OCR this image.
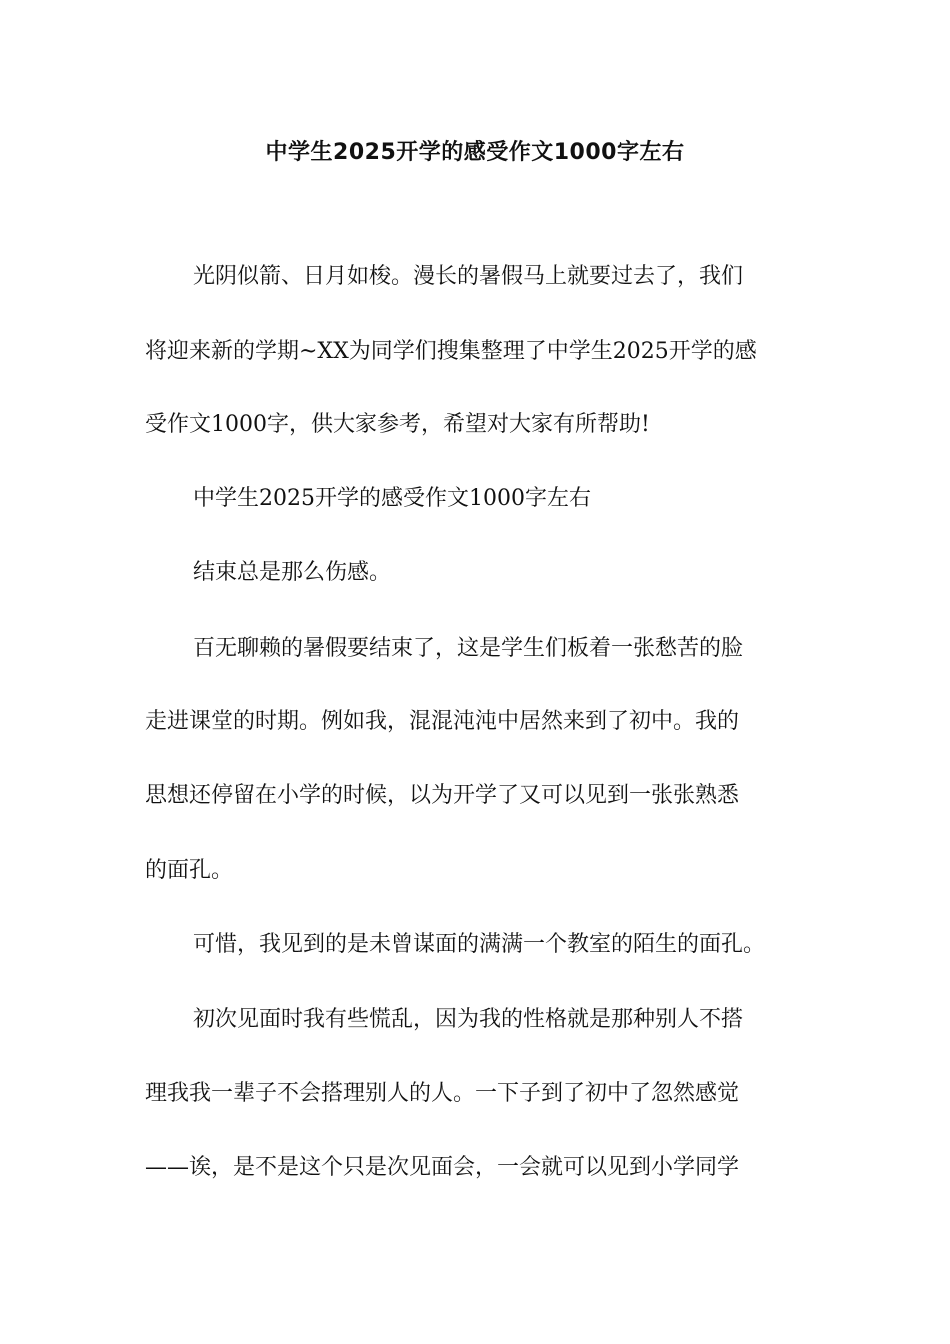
中学生2025开学的感受作文1000字左右
光阴似箭、日月如梭。漫长的暑假马上就要过去了，我们
将迎来新的学期~XX为同学们搜集整理了中学生2025开学的感
受作文1000字，供大家参考，希望对大家有所帮助!
中学生2025开学的感受作文1000字左右
结束总是那么伤感。
百无聊赖的暑假要结束了，这是学生们板着一张愁苦的脸
走进课堂的时期。例如我，混混沌沌中居然来到了初中。我的
思想还停留在小学的时候，以为开学了又可以见到一张张熟悉
的面孔。
可惜，我见到的是未曾谋面的满满一个教室的陌生的面孔。
初次见面时我有些慌乱，因为我的性格就是那种别人不搭
理我我一辈子不会搭理别人的人。一下子到了初中了忽然感觉
——诶，是不是这个只是次见面会，一会就可以见到小学同学
